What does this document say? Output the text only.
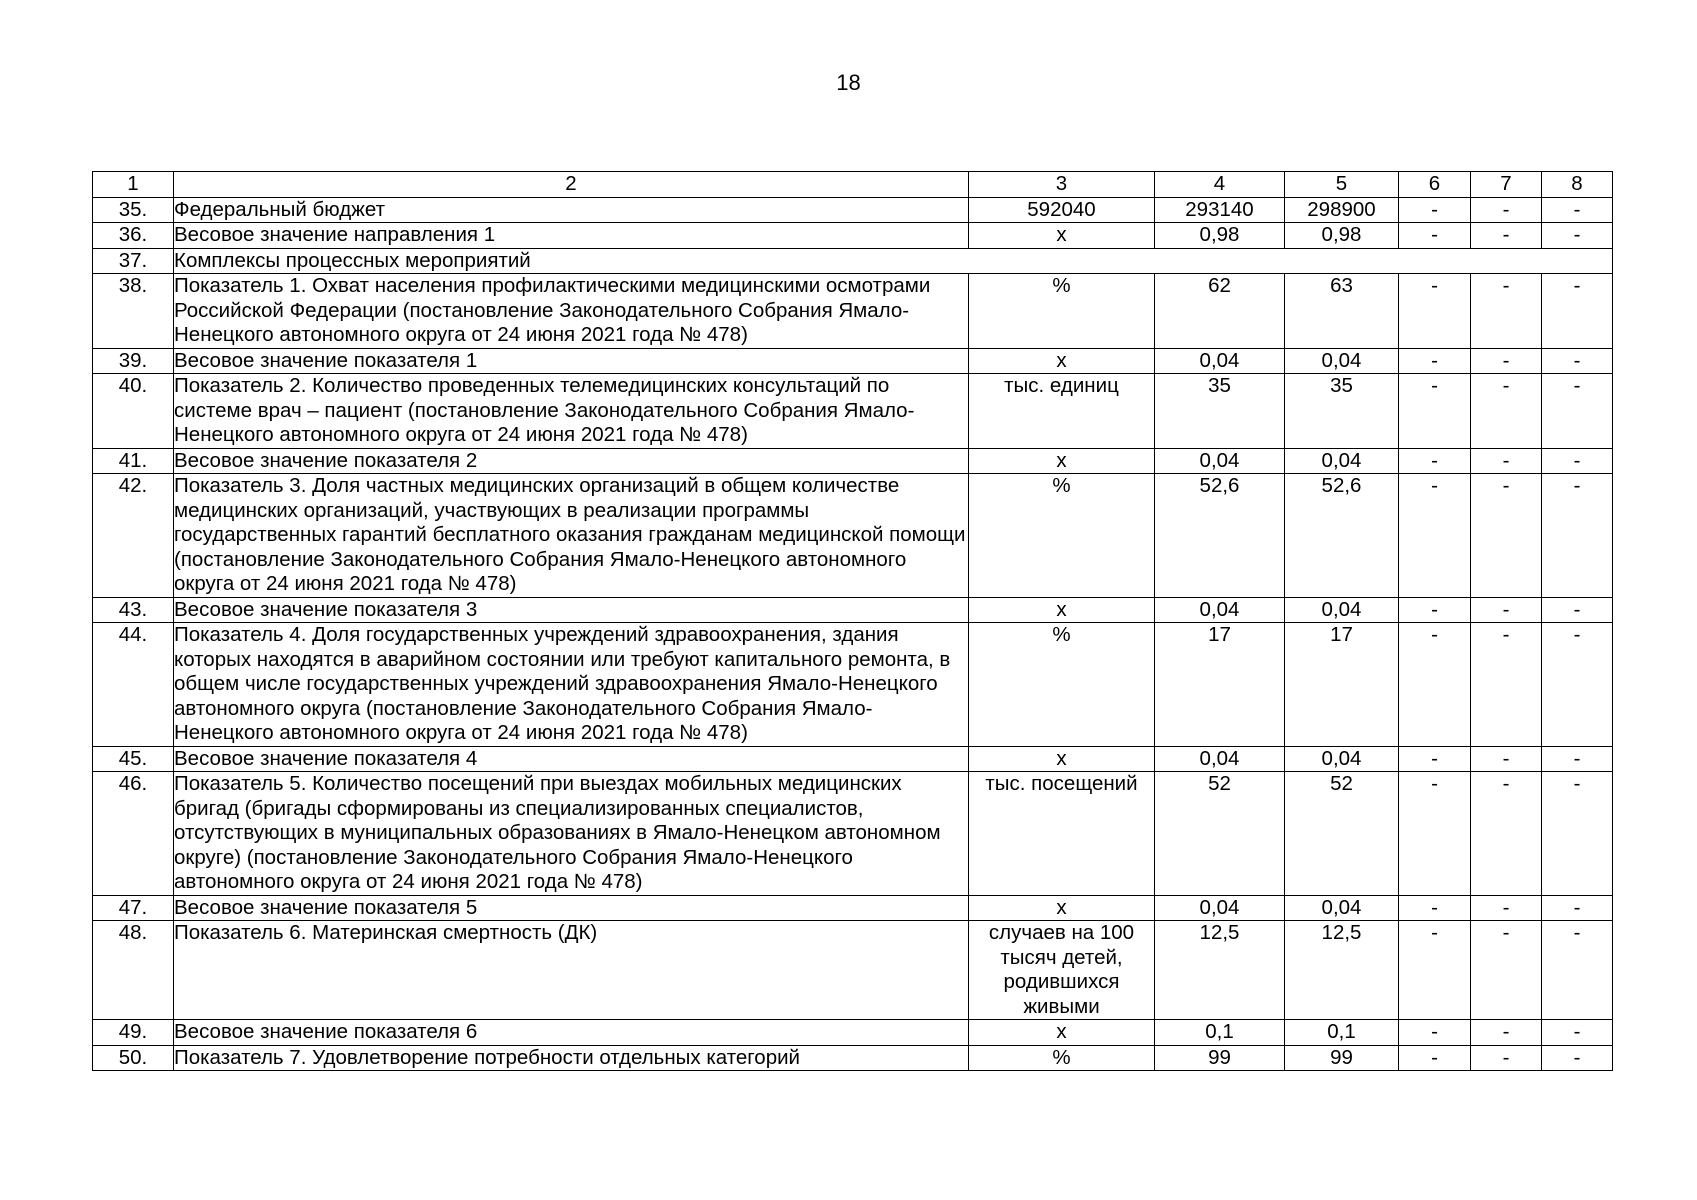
18
1	2	3	4	5	6	7	8
35.	Федеральный бюджет	592040	293140	298900	-	-	-
36.	Весовое значение направления 1	х	0,98	0,98	-	-	-
37.	Комплексы процессных мероприятий						
38.	Показатель 1. Охват населения профилактическими медицинскими осмотрами Российской Федерации (постановление Законодательного Собрания Ямало-Ненецкого автономного округа от 24 июня 2021 года № 478)	%	62	63	-	-	-
39.	Весовое значение показателя 1	х	0,04	0,04	-	-	-
40.	Показатель 2. Количество проведенных телемедицинских консультаций по системе врач – пациент (постановление Законодательного Собрания Ямало-Ненецкого автономного округа от 24 июня 2021 года № 478)	тыс. единиц	35	35	-	-	-
41.	Весовое значение показателя 2	х	0,04	0,04	-	-	-
42.	Показатель 3. Доля частных медицинских организаций в общем количестве медицинских организаций, участвующих в реализации программы государственных гарантий бесплатного оказания гражданам медицинской помощи (постановление Законодательного Собрания Ямало-Ненецкого автономного округа от 24 июня 2021 года № 478)	%	52,6	52,6	-	-	-
43.	Весовое значение показателя 3	х	0,04	0,04	-	-	-
44.	Показатель 4. Доля государственных учреждений здравоохранения, здания которых находятся в аварийном состоянии или требуют капитального ремонта, в общем числе государственных учреждений здравоохранения Ямало-Ненецкого автономного округа (постановление Законодательного Собрания Ямало-Ненецкого автономного округа от 24 июня 2021 года № 478)	%	17	17	-	-	-
45.	Весовое значение показателя 4	х	0,04	0,04	-	-	-
46.	Показатель 5. Количество посещений при выездах мобильных медицинских бригад (бригады сформированы из специализированных специалистов, отсутствующих в муниципальных образованиях в Ямало-Ненецком автономном округе) (постановление Законодательного Собрания Ямало-Ненецкого автономного округа от 24 июня 2021 года № 478)	тыс. посещений	52	52	-	-	-
47.	Весовое значение показателя 5	х	0,04	0,04	-	-	-
48.	Показатель 6. Материнская смертность (ДК)	случаев на 100 тысяч детей, родившихся живыми	12,5	12,5	-	-	-
49.	Весовое значение показателя 6	х	0,1	0,1	-	-	-
50.	Показатель 7. Удовлетворение потребности отдельных категорий	%	99	99	-	-	-
